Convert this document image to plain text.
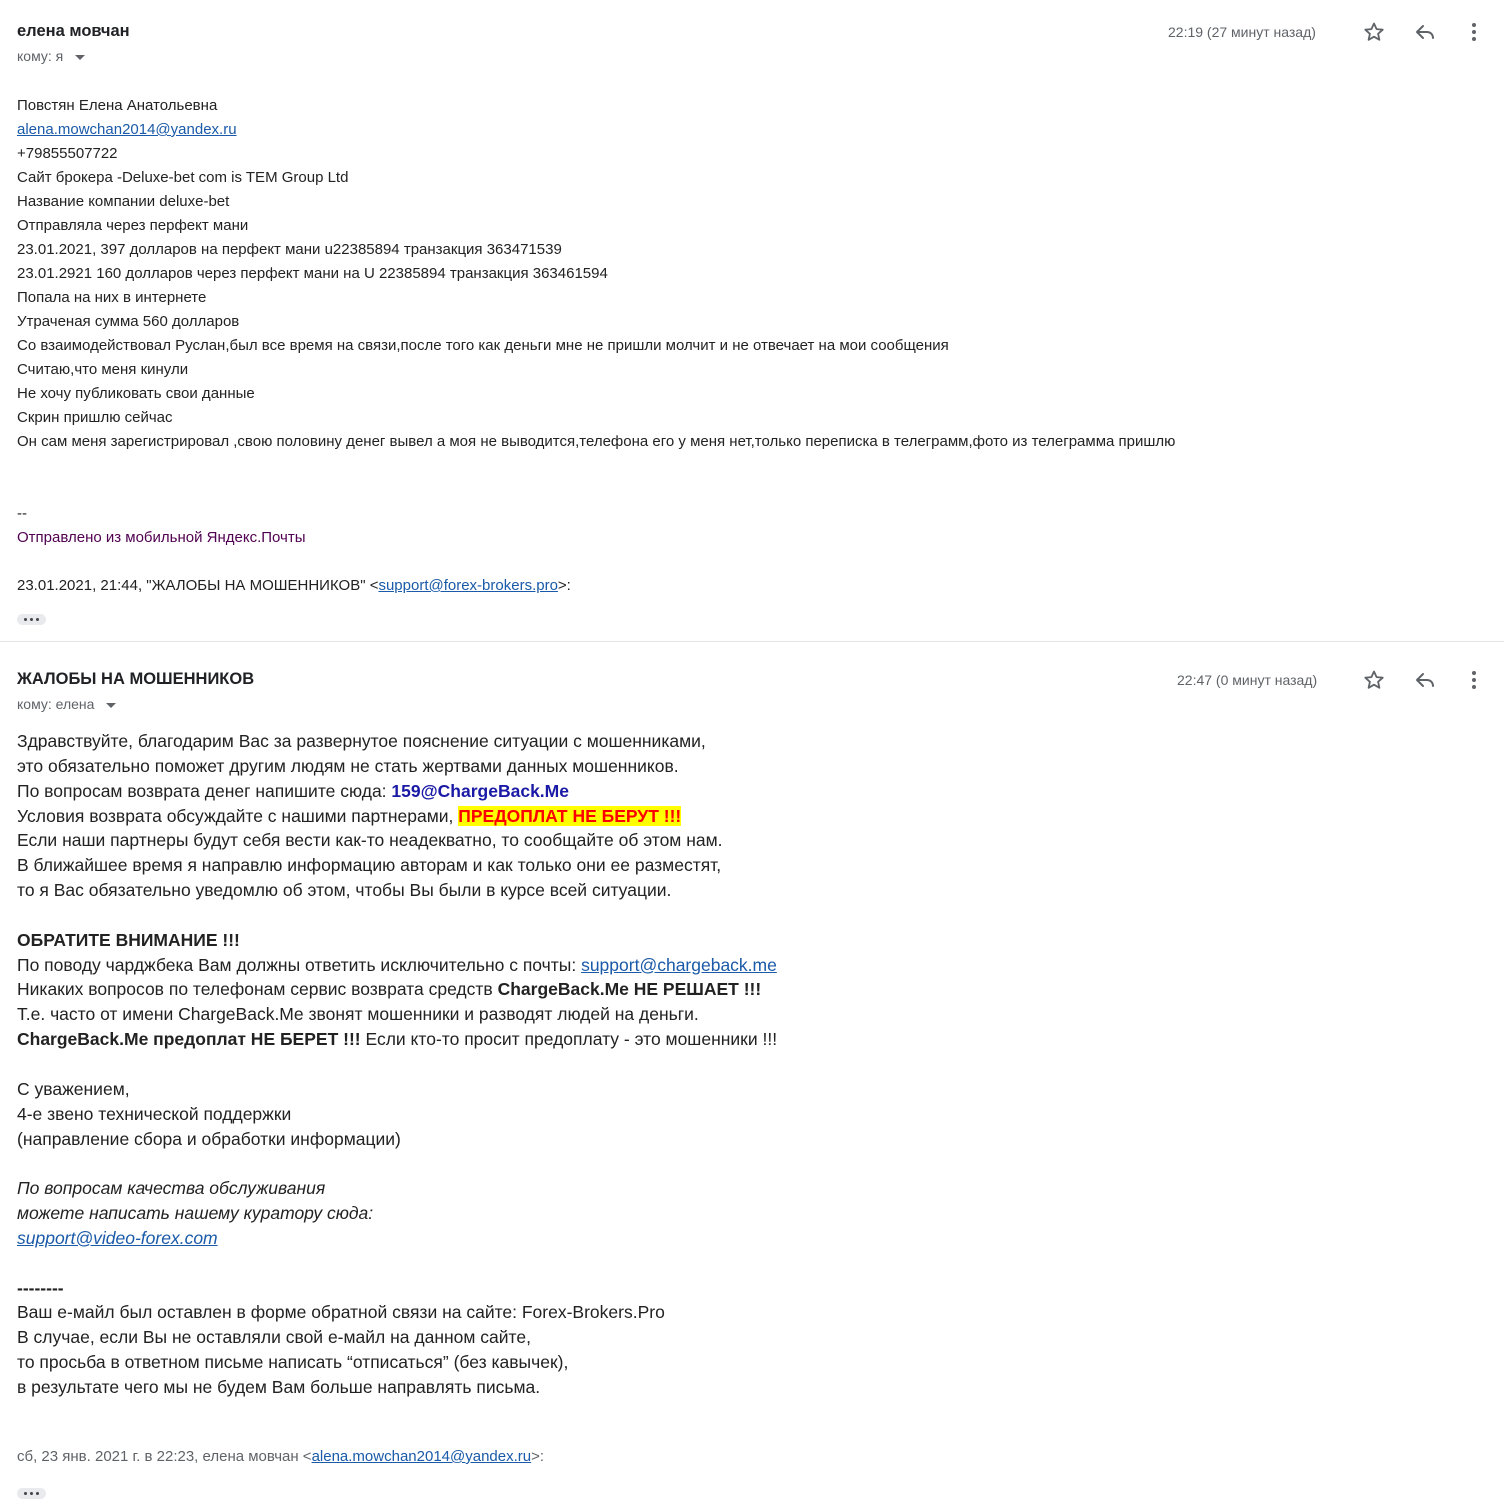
елена мовчан
кому: я
22:19 (27 минут назад)
Повстян Елена Анатольевна
alena.mowchan2014@yandex.ru
+79855507722
Сайт брокера -Deluxe-bet com is TEM Group Ltd
Название компании deluxe-bet
Отправляла через перфект мани
23.01.2021, 397 долларов на перфект мани u22385894 транзакция 363471539
23.01.2921 160 долларов через перфект мани на U 22385894 транзакция 363461594
Попала на них в интернете
Утраченая сумма 560 долларов
Со взаимодействовал Руслан,был все время на связи,после того как деньги мне не пришли молчит и не отвечает на мои сообщения
Считаю,что меня кинули
Не хочу публиковать свои данные
Скрин пришлю сейчас
Он сам меня зарегистрировал ,свою половину денег вывел а моя не выводится,телефона его у меня нет,только переписка в телеграмм,фото из телеграмма пришлю
--
Отправлено из мобильной Яндекс.Почты
23.01.2021, 21:44, "ЖАЛОБЫ НА МОШЕННИКОВ" <support@forex-brokers.pro>:
ЖАЛОБЫ НА МОШЕННИКОВ
кому: елена
22:47 (0 минут назад)
Здравствуйте, благодарим Вас за развернутое пояснение ситуации с мошенниками,
это обязательно поможет другим людям не стать жертвами данных мошенников.
По вопросам возврата денег напишите сюда: 159@ChargeBack.Me
Условия возврата обсуждайте с нашими партнерами, ПРЕДОПЛАТ НЕ БЕРУТ !!!
Если наши партнеры будут себя вести как-то неадекватно, то сообщайте об этом нам.
В ближайшее время я направлю информацию авторам и как только они ее разместят,
то я Вас обязательно уведомлю об этом, чтобы Вы были в курсе всей ситуации.
ОБРАТИТЕ ВНИМАНИЕ !!!
По поводу чарджбека Вам должны ответить исключительно с почты: support@chargeback.me
Никаких вопросов по телефонам сервис возврата средств ChargeBack.Me НЕ РЕШАЕТ !!!
Т.е. часто от имени ChargeBack.Me звонят мошенники и разводят людей на деньги.
ChargeBack.Me предоплат НЕ БЕРЕТ !!! Если кто-то просит предоплату - это мошенники !!!
С уважением,
4-е звено технической поддержки
(направление сбора и обработки информации)
По вопросам качества обслуживания
можете написать нашему куратору сюда:
support@video-forex.com
--------
Ваш е-майл был оставлен в форме обратной связи на сайте: Forex-Brokers.Pro
В случае, если Вы не оставляли свой е-майл на данном сайте,
то просьба в ответном письме написать “отписаться” (без кавычек),
в результате чего мы не будем Вам больше направлять письма.
сб, 23 янв. 2021 г. в 22:23, елена мовчан <alena.mowchan2014@yandex.ru>:
